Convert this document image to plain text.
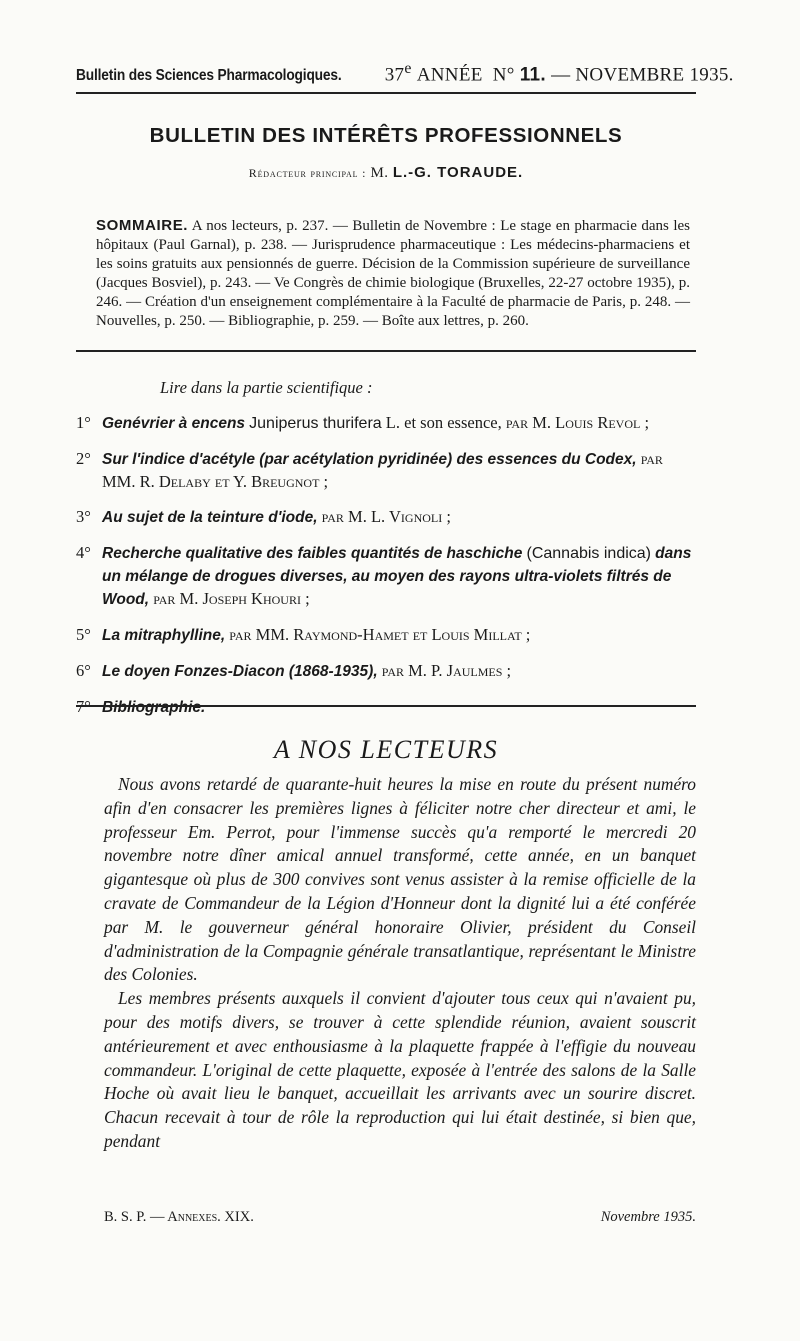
Bulletin des Sciences Pharmacologiques. 37e ANNÉE N° 11. — NOVEMBRE 1935.
BULLETIN DES INTÉRÊTS PROFESSIONNELS
Rédacteur principal : M. L.-G. TORAUDE.
SOMMAIRE. A nos lecteurs, p. 237. — Bulletin de Novembre : Le stage en pharmacie dans les hôpitaux (Paul Garnal), p. 238. — Jurisprudence pharmaceutique : Les médecins-pharmaciens et les soins gratuits aux pensionnés de guerre. Décision de la Commission supérieure de surveillance (Jacques Bosviel), p. 243. — Ve Congrès de chimie biologique (Bruxelles, 22-27 octobre 1935), p. 246. — Création d'un enseignement complémentaire à la Faculté de pharmacie de Paris, p. 248. — Nouvelles, p. 250. — Bibliographie, p. 259. — Boîte aux lettres, p. 260.
Lire dans la partie scientifique :
1° Genévrier à encens Juniperus thurifera L. et son essence, par M. Louis Revol ;
2° Sur l'indice d'acétyle (par acétylation pyridinée) des essences du Codex, par MM. R. Delaby et Y. Breugnot ;
3° Au sujet de la teinture d'iode, par M. L. Vignoli ;
4° Recherche qualitative des faibles quantités de haschiche (Cannabis indica) dans un mélange de drogues diverses, au moyen des rayons ultra-violets filtrés de Wood, par M. Joseph Khouri ;
5° La mitraphylline, par MM. Raymond-Hamet et Louis Millat ;
6° Le doyen Fonzes-Diacon (1868-1935), par M. P. Jaulmes ;
7° Bibliographie.
A NOS LECTEURS

Nous avons retardé de quarante-huit heures la mise en route du présent numéro afin d'en consacrer les premières lignes à féliciter notre cher directeur et ami, le professeur Em. Perrot, pour l'immense succès qu'a remporté le mercredi 20 novembre notre dîner amical annuel transformé, cette année, en un banquet gigantesque où plus de 300 convives sont venus assister à la remise officielle de la cravate de Commandeur de la Légion d'Honneur dont la dignité lui a été conférée par M. le gouverneur général honoraire Olivier, président du Conseil d'administration de la Compagnie générale transatlantique, représentant le Ministre des Colonies.

Les membres présents auxquels il convient d'ajouter tous ceux qui n'avaient pu, pour des motifs divers, se trouver à cette splendide réunion, avaient souscrit antérieurement et avec enthousiasme à la plaquette frappée à l'effigie du nouveau commandeur. L'original de cette plaquette, exposée à l'entrée des salons de la Salle Hoche où avait lieu le banquet, accueillait les arrivants avec un sourire discret. Chacun recevait à tour de rôle la reproduction qui lui était destinée, si bien que, pendant

B. S. P. — Annexes. XIX.	Novembre 1935.
